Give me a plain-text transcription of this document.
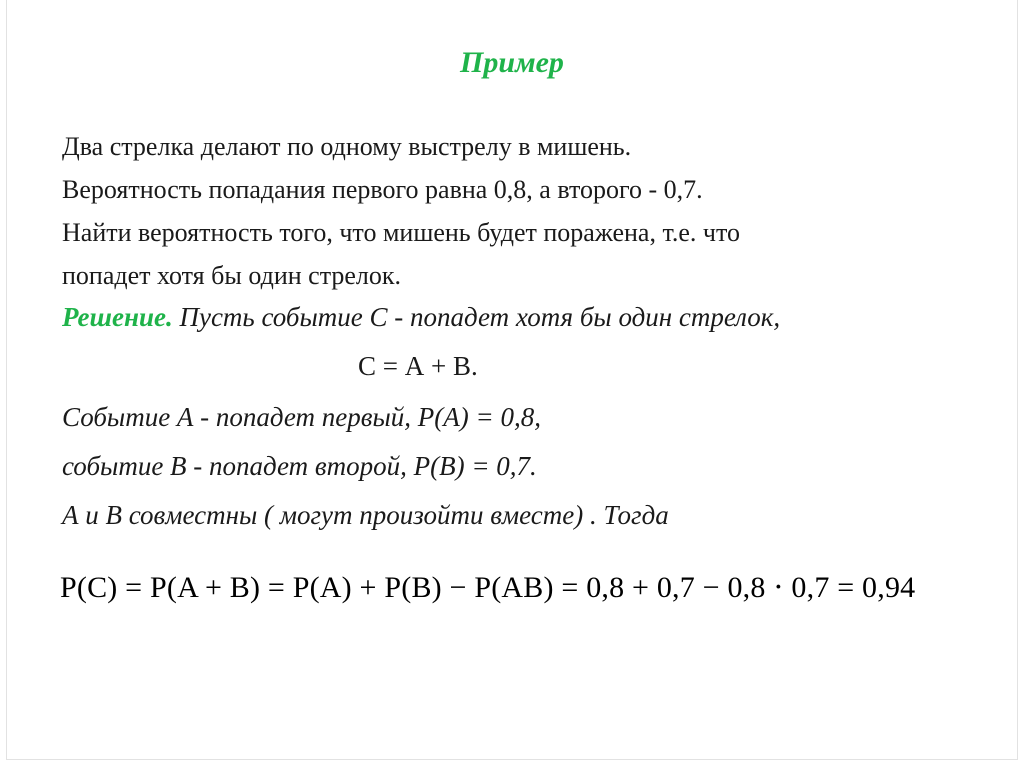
Пример
Два стрелка делают по одному выстрелу в мишень.
Вероятность попадания первого равна 0,8, а второго - 0,7.
Найти вероятность того, что мишень будет поражена, т.е. что
попадет хотя бы один стрелок.
Решение. Пусть событие С - попадет хотя бы один стрелок,
С = А + В.
Событие А - попадет первый, Р(А) = 0,8,
событие В - попадет второй, Р(В) = 0,7.
А и В совместны ( могут произойти вместе) . Тогда
P(C) = P(A + B) = P(A) + P(B) − P(AB) = 0,8 + 0,7 − 0,8 ⋅ 0,7 = 0,94
